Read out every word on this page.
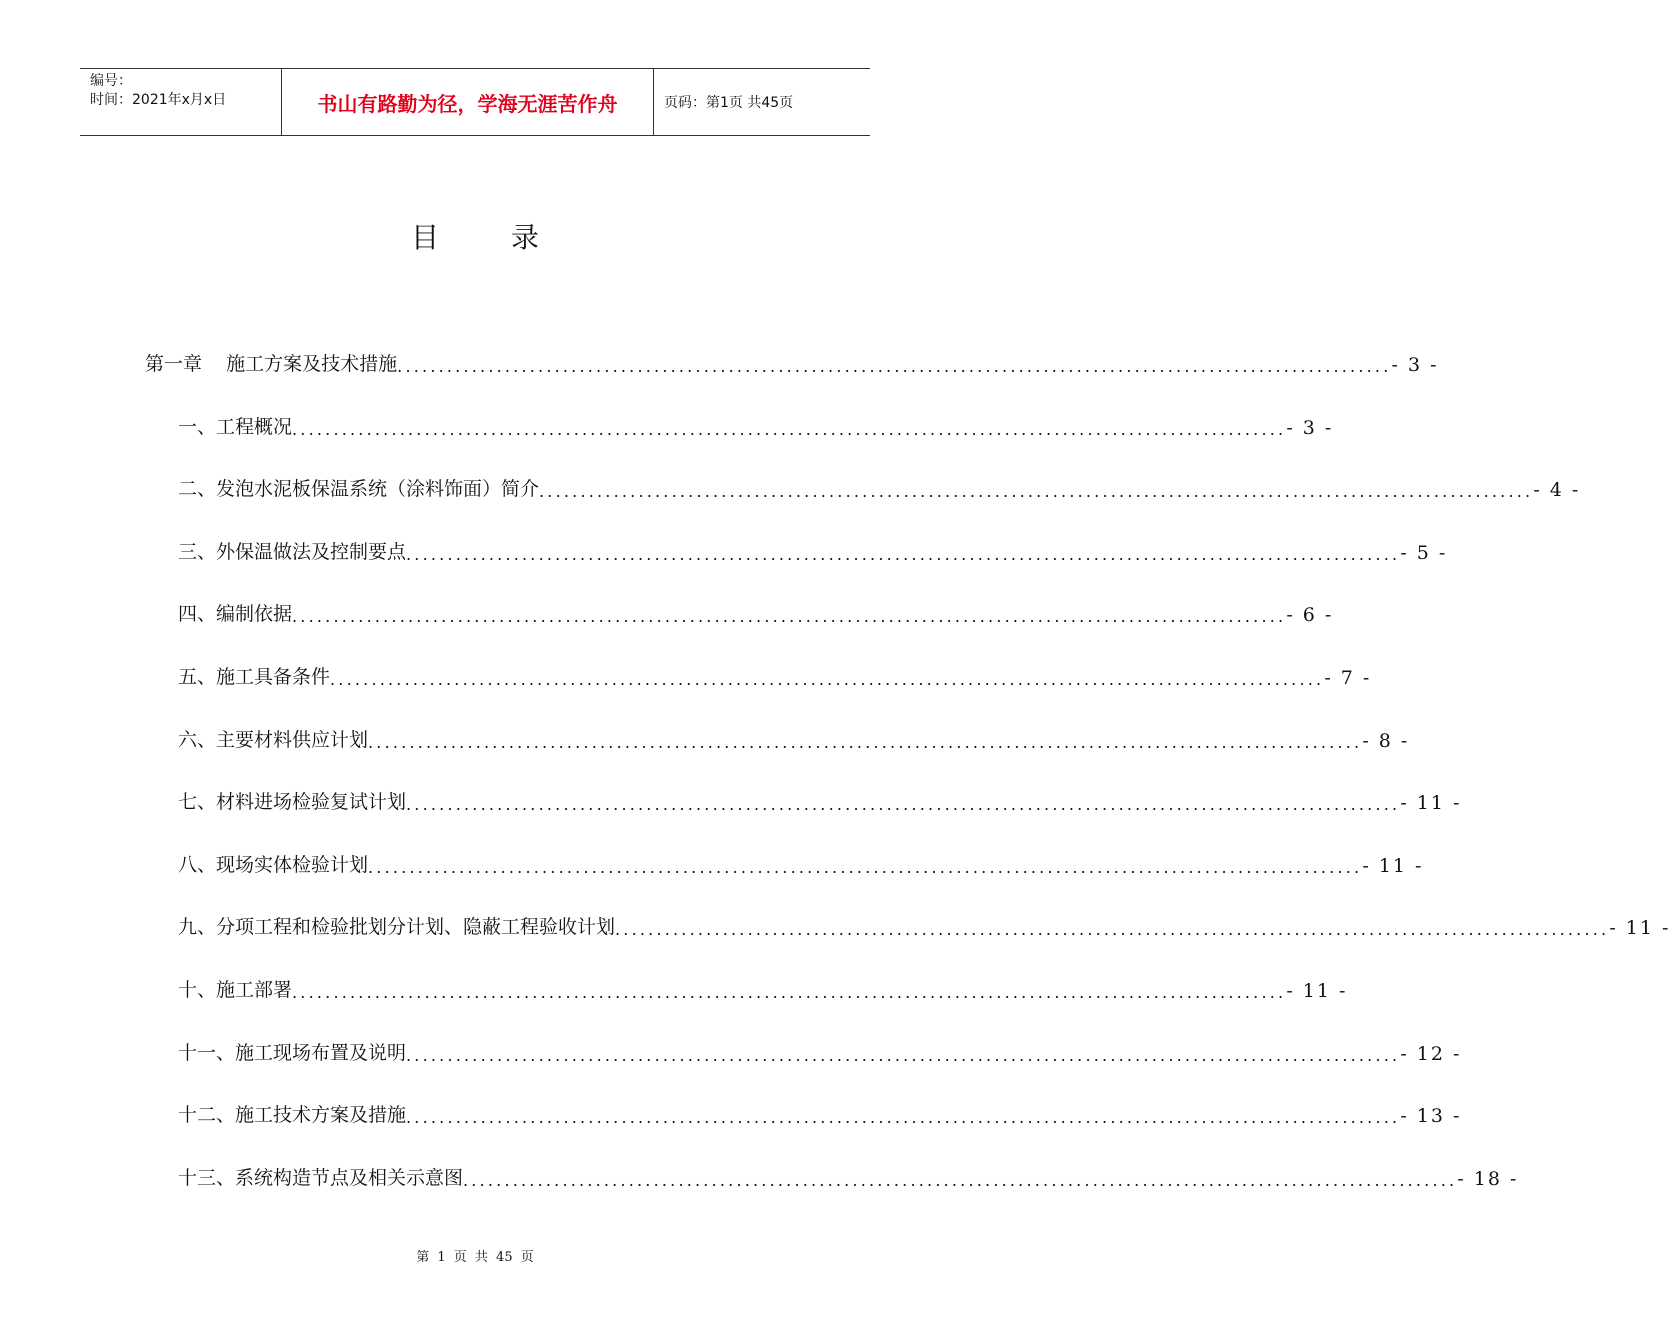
编号：
时间：2021年x月x日	书山有路勤为径，学海无涯苦作舟	页码：第1页 共45页
目录
第一章    施工方案及技术措施 ........................................................................................................................ - 3 -
一、工程概况 ........................................................................................................................ - 3 -
二、发泡水泥板保温系统（涂料饰面）简介 ........................................................................................................................ - 4 -
三、外保温做法及控制要点 ........................................................................................................................ - 5 -
四、编制依据 ........................................................................................................................ - 6 -
五、施工具备条件 ........................................................................................................................ - 7 -
六、主要材料供应计划 ........................................................................................................................ - 8 -
七、材料进场检验复试计划 ........................................................................................................................ - 11 -
八、现场实体检验计划 ........................................................................................................................ - 11 -
九、分项工程和检验批划分计划、隐蔽工程验收计划 ........................................................................................................................ - 11 -
十、施工部署 ........................................................................................................................ - 11 -
十一、施工现场布置及说明 ........................................................................................................................ - 12 -
十二、施工技术方案及措施 ........................................................................................................................ - 13 -
十三、系统构造节点及相关示意图 ........................................................................................................................ - 18 -
第 1 页 共 45 页
